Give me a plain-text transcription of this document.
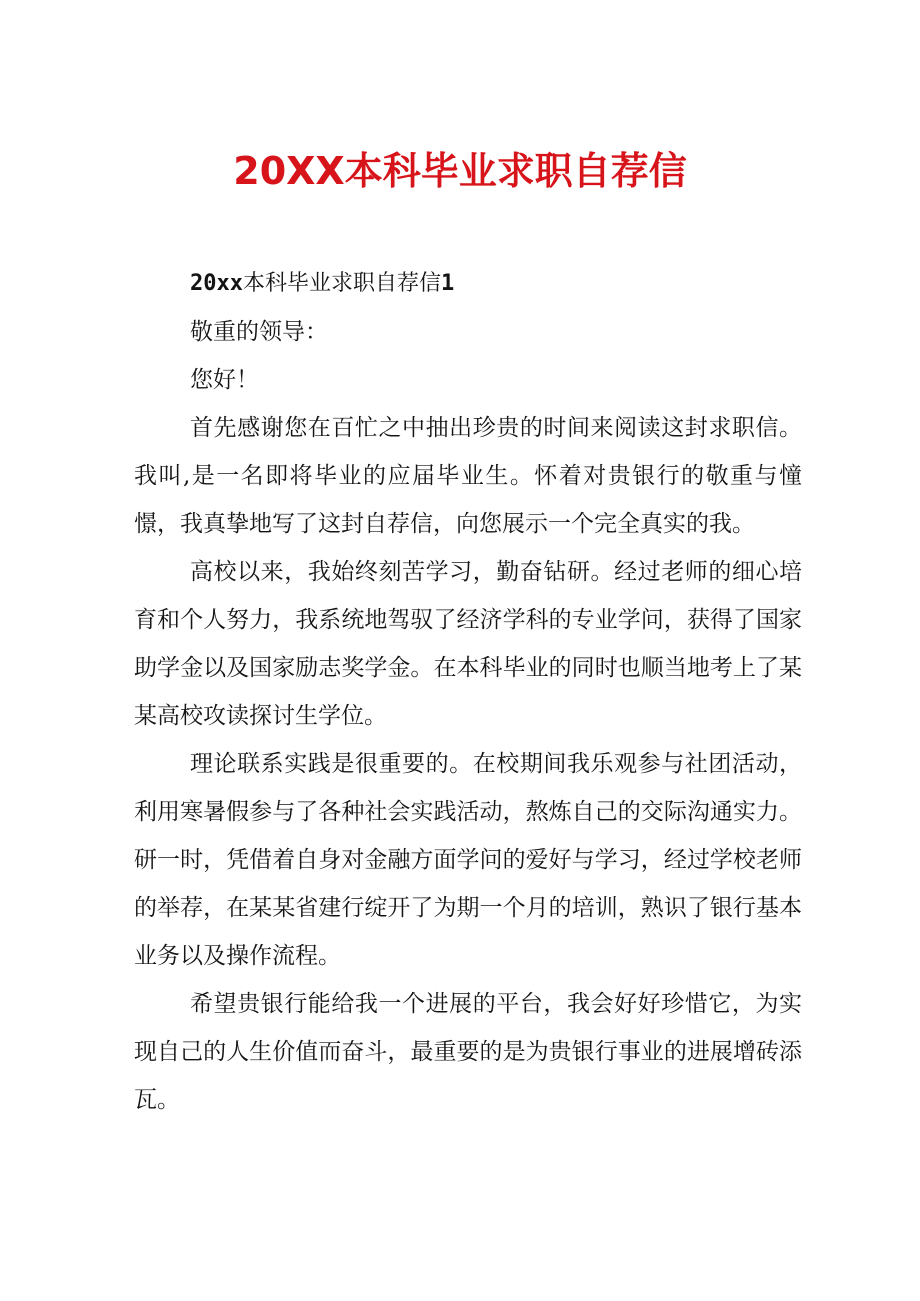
20XX本科毕业求职自荐信
20xx本科毕业求职自荐信1
敬重的领导：
您好！

首先感谢您在百忙之中抽出珍贵的时间来阅读这封求职信。我叫,是一名即将毕业的应届毕业生。怀着对贵银行的敬重与憧憬，我真挚地写了这封自荐信，向您展示一个完全真实的我。

高校以来，我始终刻苦学习，勤奋钻研。经过老师的细心培育和个人努力，我系统地驾驭了经济学科的专业学问，获得了国家助学金以及国家励志奖学金。在本科毕业的同时也顺当地考上了某某高校攻读探讨生学位。

理论联系实践是很重要的。在校期间我乐观参与社团活动，利用寒暑假参与了各种社会实践活动，熬炼自己的交际沟通实力。研一时，凭借着自身对金融方面学问的爱好与学习，经过学校老师的举荐，在某某省建行绽开了为期一个月的培训，熟识了银行基本业务以及操作流程。

希望贵银行能给我一个进展的平台，我会好好珍惜它，为实现自己的人生价值而奋斗，最重要的是为贵银行事业的进展增砖添瓦。
